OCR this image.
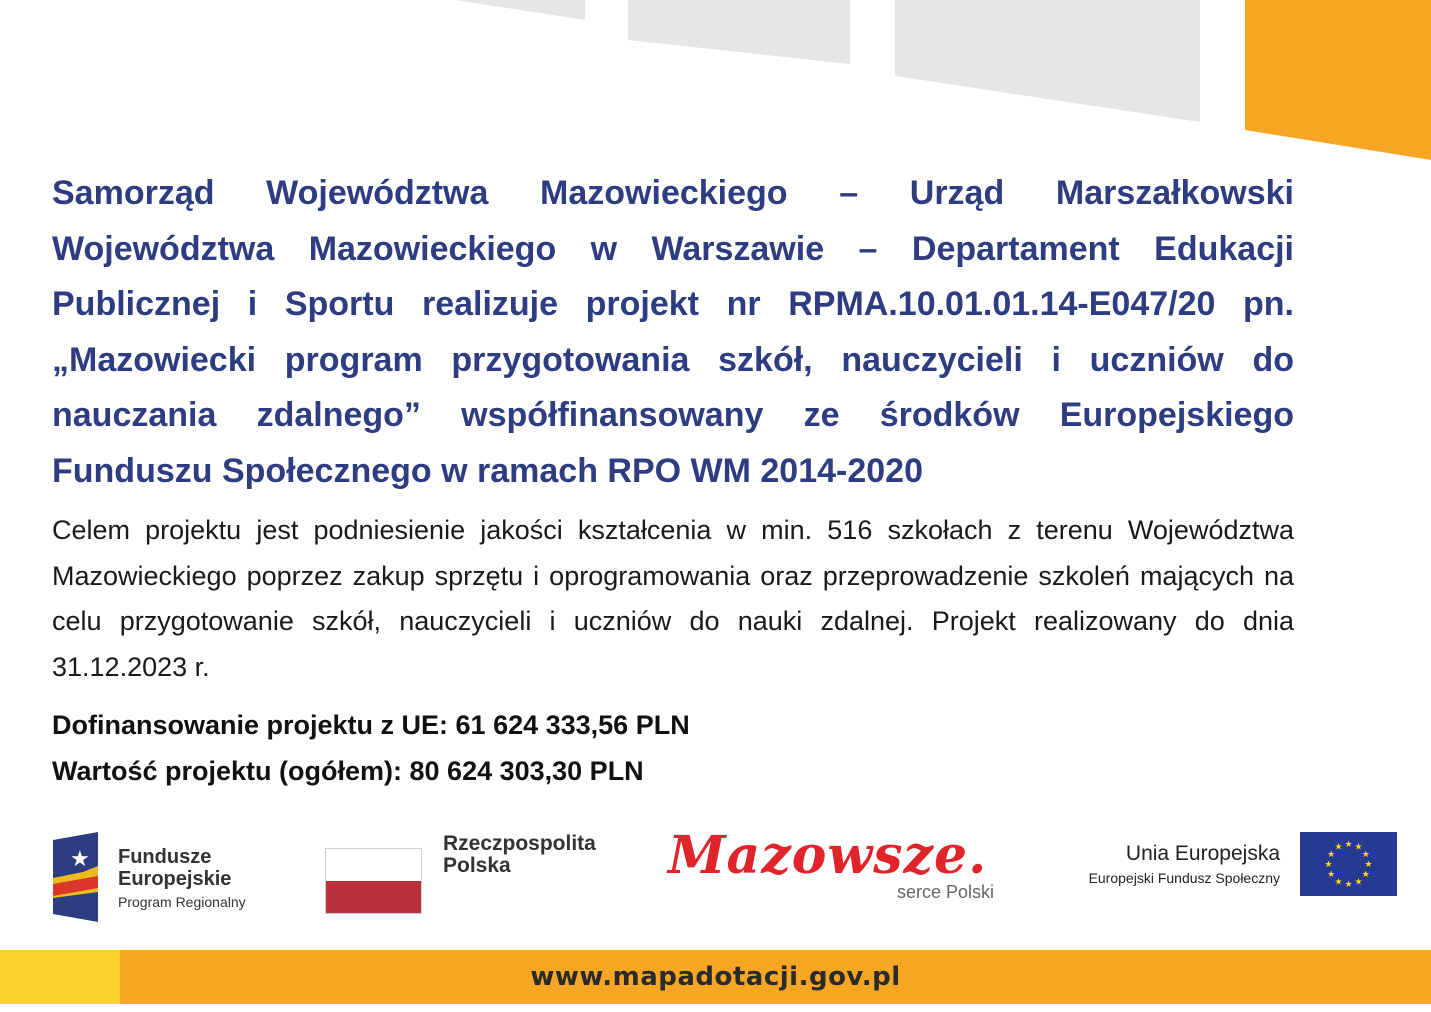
Samorząd Województwa Mazowieckiego – Urząd Marszałkowski Województwa Mazowieckiego w Warszawie – Departament Edukacji Publicznej i Sportu realizuje projekt nr RPMA.10.01.01.14-E047/20 pn. „Mazowiecki program przygotowania szkół, nauczycieli i uczniów do nauczania zdalnego” współfinansowany ze środków Europejskiego Funduszu Społecznego w ramach RPO WM 2014-2020
Celem projektu jest podniesienie jakości kształcenia w min. 516 szkołach z terenu Województwa Mazowieckiego poprzez zakup sprzętu i oprogramowania oraz przeprowadzenie szkoleń mających na celu przygotowanie szkół, nauczycieli i uczniów do nauki zdalnej. Projekt realizowany do dnia 31.12.2023 r.
Dofinansowanie projektu z UE: 61 624 333,56 PLN
Wartość projektu (ogółem): 80 624 303,30 PLN
★ Fundusze
Europejskie
Program Regionalny
Rzeczpospolita
Polska	Mazowsze.
serce Polski
Unia Europejska
Europejski Fundusz Społeczny
★ ★
★
★
★
★
★
★
★
★
★
★
www.mapadotacji.gov.pl
